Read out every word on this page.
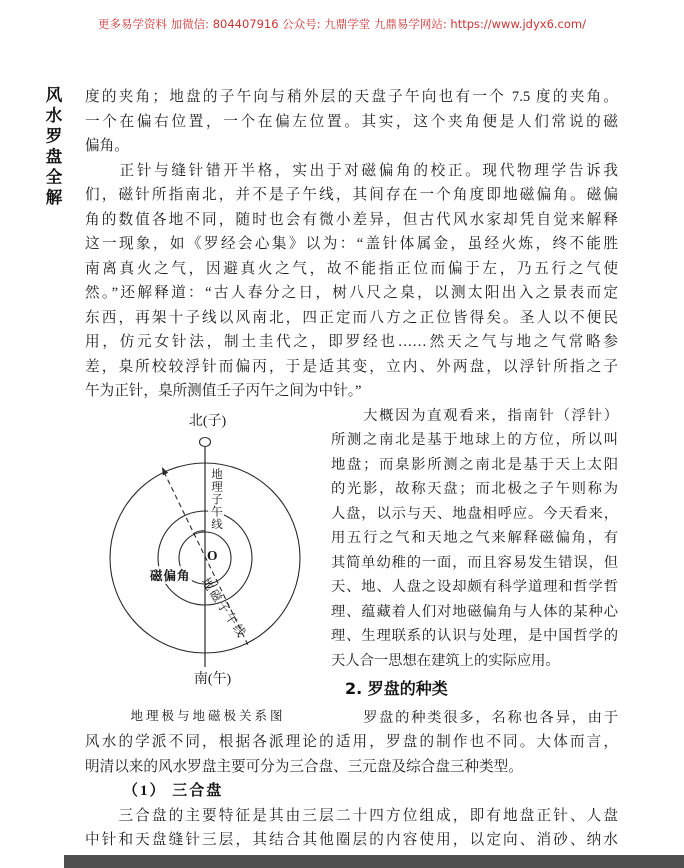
更多易学资料 加微信: 804407916 公众号: 九鼎学堂 九鼎易学网站: https://www.jdyx6.com/
风水罗盘全解 度的夹角；地盘的子午向与稍外层的天盘子午向也有一个 7.5 度的夹角。
一个在偏右位置，一个在偏左位置。其实，这个夹角便是人们常说的磁
偏角。
　　正针与缝针错开半格，实出于对磁偏角的校正。现代物理学告诉我
们，磁针所指南北，并不是子午线，其间存在一个角度即地磁偏角。磁偏
角的数值各地不同，随时也会有微小差异，但古代风水家却凭自觉来解释
这一现象，如《罗经会心集》以为：“盖针体属金，虽经火炼，终不能胜
南离真火之气，因避真火之气，故不能指正位而偏于左，乃五行之气使
然。”还解释道：“古人春分之日，树八尺之臬，以测太阳出入之景表而定
东西，再架十子线以风南北，四正定而八方之正位皆得矣。圣人以不便民
用，仿元女针法，制土圭代之，即罗经也……然天之气与地之气常略参
差，臬所校较浮针而偏丙，于是适其变，立内、外两盘，以浮针所指之子
午为正针，臬所测值壬子丙午之间为中针。”
北(子)
地理子午线
O
磁偏角 地磁子午线
南(午)
地理极与地磁极关系图
　　大概因为直观看来，指南针（浮针）
所测之南北是基于地球上的方位，所以叫
地盘；而臬影所测之南北是基于天上太阳
的光影，故称天盘；而北极之子午则称为
人盘，以示与天、地盘相呼应。今天看来，
用五行之气和天地之气来解释磁偏角，有
其简单幼稚的一面，而且容易发生错误，但
天、地、人盘之设却颇有科学道理和哲学哲
理、蕴藏着人们对地磁偏角与人体的某种心
理、生理联系的认识与处理，是中国哲学的
天人合一思想在建筑上的实际应用。
2. 罗盘的种类
　　罗盘的种类很多，名称也各异，由于
风水的学派不同，根据各派理论的适用，罗盘的制作也不同。大体而言，
明清以来的风水罗盘主要可分为三合盘、三元盘及综合盘三种类型。
（1） 三合盘
　　三合盘的主要特征是其由三层二十四方位组成，即有地盘正针、人盘
中针和天盘缝针三层，其结合其他圈层的内容使用，以定向、消砂、纳水
